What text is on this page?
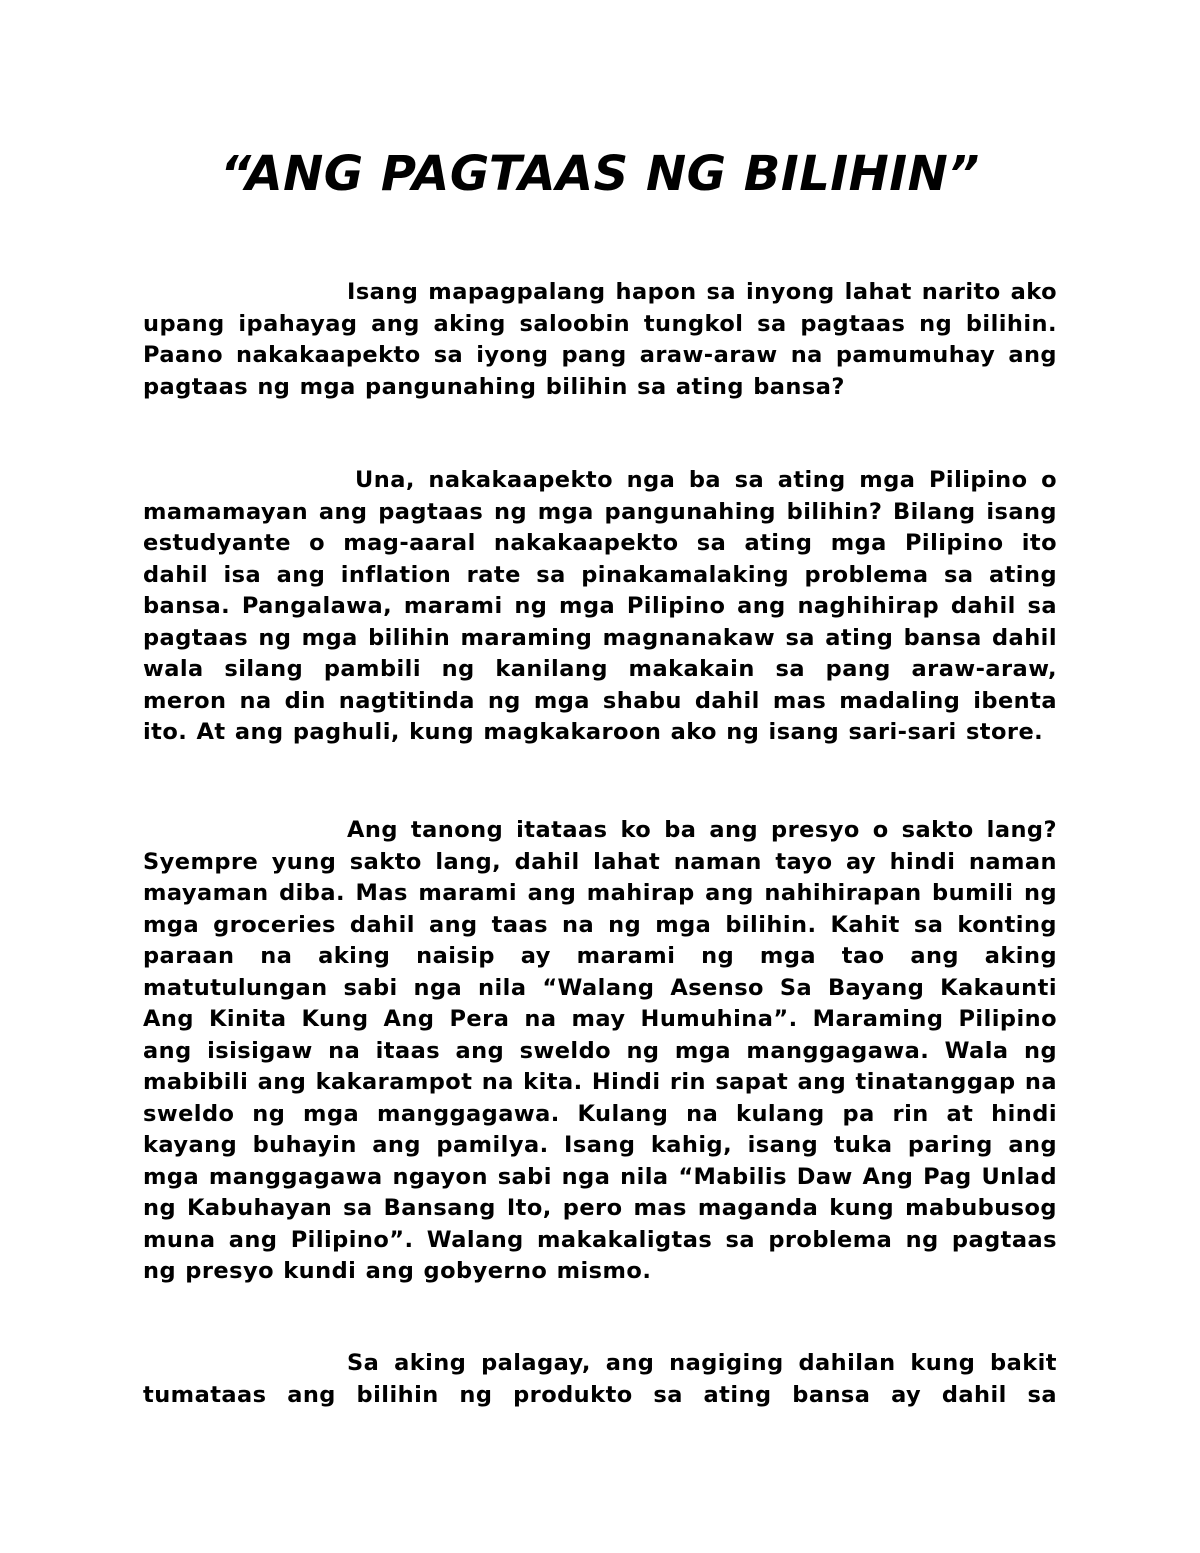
“ANG PAGTAAS NG BILIHIN”

Isang mapagpalang hapon sa inyong lahat narito ako upang ipahayag ang aking saloobin tungkol sa pagtaas ng bilihin. Paano nakakaapekto sa iyong pang araw-araw na pamumuhay ang pagtaas ng mga pangunahing bilihin sa ating bansa?

Una, nakakaapekto nga ba sa ating mga Pilipino o mamamayan ang pagtaas ng mga pangunahing bilihin? Bilang isang estudyante o mag-aaral nakakaapekto sa ating mga Pilipino ito dahil isa ang inflation rate sa pinakamalaking problema sa ating bansa. Pangalawa, marami ng mga Pilipino ang naghihirap dahil sa pagtaas ng mga bilihin maraming magnanakaw sa ating bansa dahil wala silang pambili ng kanilang makakain sa pang araw-araw, meron na din nagtitinda ng mga shabu dahil mas madaling ibenta ito. At ang paghuli, kung magkakaroon ako ng isang sari-sari store.

Ang tanong itataas ko ba ang presyo o sakto lang? Syempre yung sakto lang, dahil lahat naman tayo ay hindi naman mayaman diba. Mas marami ang mahirap ang nahihirapan bumili ng mga groceries dahil ang taas na ng mga bilihin. Kahit sa konting paraan na aking naisip ay marami ng mga tao ang aking matutulungan sabi nga nila “Walang Asenso Sa Bayang Kakaunti Ang Kinita Kung Ang Pera na may Humuhina”. Maraming Pilipino ang isisigaw na itaas ang sweldo ng mga manggagawa. Wala ng mabibili ang kakarampot na kita. Hindi rin sapat ang tinatanggap na sweldo ng mga manggagawa. Kulang na kulang pa rin at hindi kayang buhayin ang pamilya. Isang kahig, isang tuka paring ang mga manggagawa ngayon sabi nga nila “Mabilis Daw Ang Pag Unlad ng Kabuhayan sa Bansang Ito, pero mas maganda kung mabubusog muna ang Pilipino”. Walang makakaligtas sa problema ng pagtaas ng presyo kundi ang gobyerno mismo.

Sa aking palagay, ang nagiging dahilan kung bakit tumataas ang bilihin ng produkto sa ating bansa ay dahil sa
